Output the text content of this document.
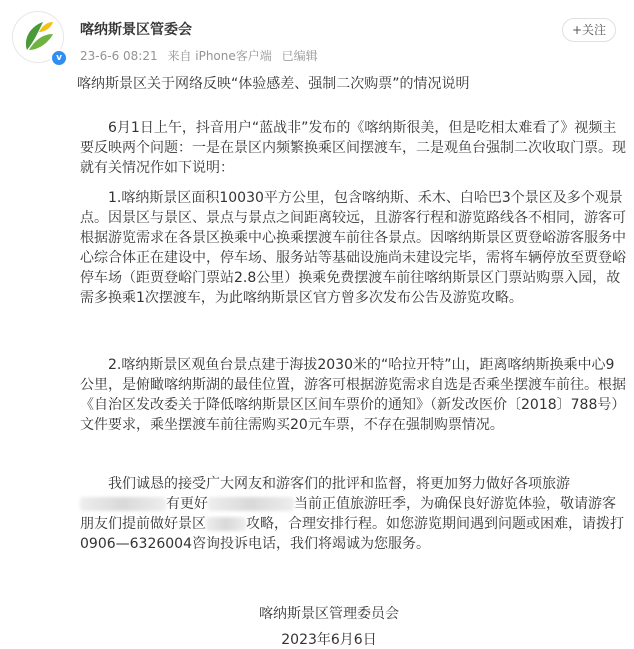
v
喀纳斯景区管委会
23-6-6 08:21 来自 iPhone客户端 已编辑
+关注
喀纳斯景区关于网络反映“体验感差、强制二次购票”的情况说明

6月1日上午，抖音用户“蓝战非”发布的《喀纳斯很美，但是吃相太难看了》视频主要反映两个问题：一是在景区内频繁换乘区间摆渡车，二是观鱼台强制二次收取门票。现就有关情况作如下说明：

1.喀纳斯景区面积10030平方公里，包含喀纳斯、禾木、白哈巴3个景区及多个观景点。因景区与景区、景点与景点之间距离较远，且游客行程和游览路线各不相同，游客可根据游览需求在各景区换乘中心换乘摆渡车前往各景点。因喀纳斯景区贾登峪游客服务中心综合体正在建设中，停车场、服务站等基础设施尚未建设完毕，需将车辆停放至贾登峪停车场（距贾登峪门票站2.8公里）换乘免费摆渡车前往喀纳斯景区门票站购票入园，故需多换乘1次摆渡车，为此喀纳斯景区官方曾多次发布公告及游览攻略。

2.喀纳斯景区观鱼台景点建于海拔2030米的“哈拉开特”山，距离喀纳斯换乘中心9公里，是俯瞰喀纳斯湖的最佳位置，游客可根据游览需求自选是否乘坐摆渡车前往。根据《自治区发改委关于降低喀纳斯景区区间车票价的通知》（新发改医价〔2018〕788号）文件要求，乘坐摆渡车前往需购买20元车票，不存在强制购票情况。

我们诚恳的接受广大网友和游客们的批评和监督，将更加努力做好各项旅游有更好	当前正值旅游旺季，为确保良好游览体验，敬请游客朋友们提前做好景区	攻略，合理安排行程。如您游览期间遇到问题或困难，请拨打0906—6326004咨询投诉电话，我们将竭诚为您服务。

喀纳斯景区管理委员会
2023年6月6日
